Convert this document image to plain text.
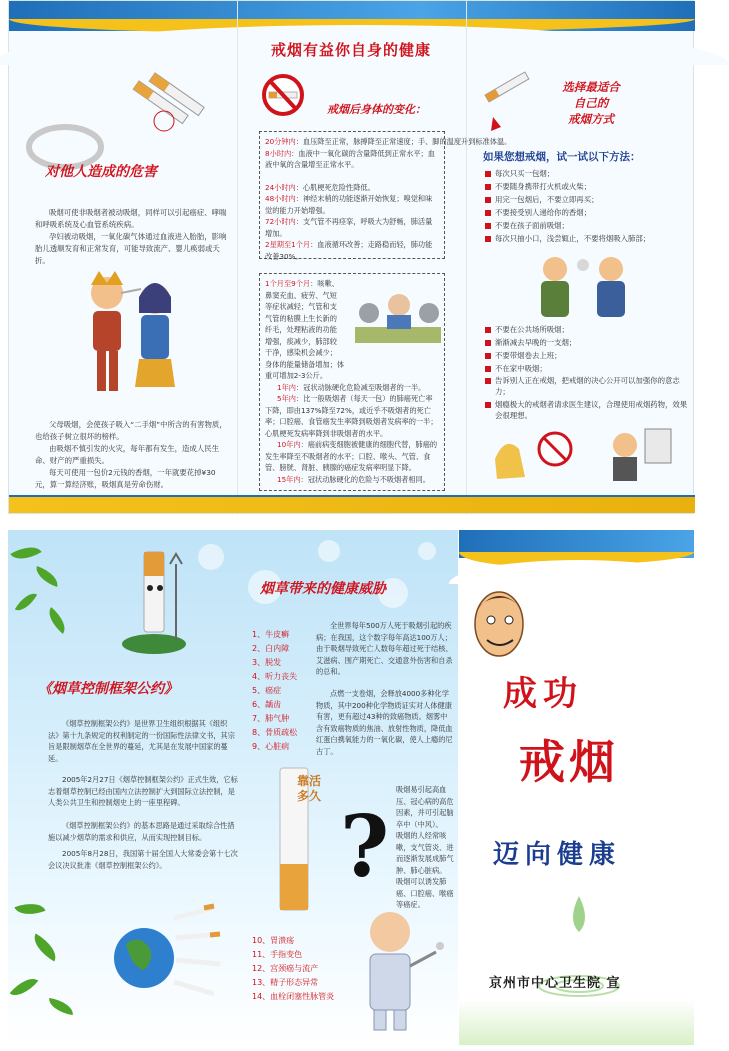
戒烟有益你自身的健康
对他人造成的危害
吸烟可使非吸烟者被动吸烟，同样可以引起癌症、哮喘和呼吸系统及心血管系统疾病。
孕妇被动吸烟，一氧化碳气体通过血液进入胎胎，影响胎儿透顺发育和正常发育，可能导致流产、婴儿痪弱或夭折。
父母吸烟，会使孩子吸入“二手烟”中所含的有害物质，也给孩子树立很坏的榜样。
由吸烟不慎引发的火灾，每年都有发生，造成人民生命、财产的严重损失。
每天可使用一包价2元钱的香烟，一年就要花掉¥30元，算一算经济账，吸烟真是劳命伤财。
戒烟后身体的变化：
20分钟内：血压降至正常，脉搏降至正常速度；手、脚的温度升到标准体温。
8小时内：血液中一氧化碳的含量降低到正常水平；血液中氧的含量增至正常水平。
24小时内：心肌梗死危险性降低。
48小时内：神经末梢的功能逐渐开始恢复；嗅觉和味觉的能力开始增强。
72小时内：支气管不再痉挛，呼吸大为舒畅，肺活量增加。
2星期至1个月：血液循环改善；走路稳而轻，肺功能改善30%。
1个月至9个月：咳嗽、
鼻窦充血、疲劳、气短
等症状减轻；气管和支
气管的粘膜上生长新的
纤毛，处理粘液的功能
增强，痰减少，肺部较
干净，感染机会减少；
身体的能量储备增加；体
重可增加2-3公斤。
1年内：冠状动脉硬化危险减至吸烟者的一半。
5年内：比一般吸烟者（每天一包）的肺癌死亡率下降，即由137%降至72%，或近乎不吸烟者的死亡率；口腔癌、食管癌发生率降到吸烟者发病率的一半；心肌梗死发病率降到非吸烟者的水平。
10年内：癌前病变细胞被健康的细胞代替，肺癌的发生率降至不吸烟者的水平；口腔、喉头、气管、食管、膀胱、肾脏、胰腺的癌症发病率明显下降。
15年内：冠状动脉硬化的危险与不吸烟者相同。
选择最适合
自己的
戒烟方式
如果您想戒烟，试一试以下方法：
每次只买一包烟；
不要随身携带打火机或火柴；
用完一包烟后，不要立即再买；
不要接受别人递给你的香烟；
不要在孩子面前吸烟；
每次只抽小口，浅尝辄止，不要将烟吸入肺部；
不要在公共场所吸烟；
渐渐减去早晚的一支烟；
不要带烟卷去上班；
不在家中吸烟；
告诉别人正在戒烟，把戒烟的决心公开可以加强你的意志力；
烟瘾极大的戒烟者请求医生建议，合理使用戒烟药物，效果会很理想。
《烟草控制框架公约》
《烟草控制框架公约》是世界卫生组织根据其《组织法》第十九条规定的权利制定的一份国际性法律文书，其宗旨是限制烟草在全世界的蔓延，尤其是在发展中国家的蔓延。
2005年2月27日《烟草控制框架公约》正式生效，它标志着烟草控制已经由国内立法控制扩大到国际立法控制，是人类公共卫生和控制烟史上的一座里程碑。
《烟草控制框架公约》的基本思路是通过采取综合性措施以减少烟草的需求和供应，从而实现控制目标。
2005年8月28日，我国第十届全国人大常委会第十七次会议决议批准《烟草控制框架公约》。
烟草带来的健康威胁
1、牛皮癣
2、白内障
3、脱发
4、听力丧失
5、癌症
6、龋齿
7、肺气肿
8、骨质疏松
9、心脏病
全世界每年500万人死于吸烟引起的疾病；在我国，这个数字每年高达100万人；由于吸烟导致死亡人数每年超过死于结核、艾滋病、围产期死亡、交通意外伤害和自杀的总和。
点燃一支卷烟，会释放4000多种化学物质，其中200种化学物质证实对人体健康有害，更有超过43种的致癌物质。烟雾中含有致癌物质的焦油、放射性物质，降低血红蛋白携氧能力的一氧化碳，使人上瘾的尼古丁。
?
靠活多久	吸烟易引起高血压、冠心病的高危因素，并可引起脑卒中（中风）。
吸烟的人经常咳嗽，支气管炎、进而逐渐发展成肺气肿、肺心脏病。
吸烟可以诱发肺癌、口腔癌、喉癌等癌症。
10、胃溃疡
11、手指变色
12、宫颈癌与流产
13、精子形态异常
14、血栓闭塞性脉管炎
成功
戒烟
迈向健康
京州市中心卫生院 宣
